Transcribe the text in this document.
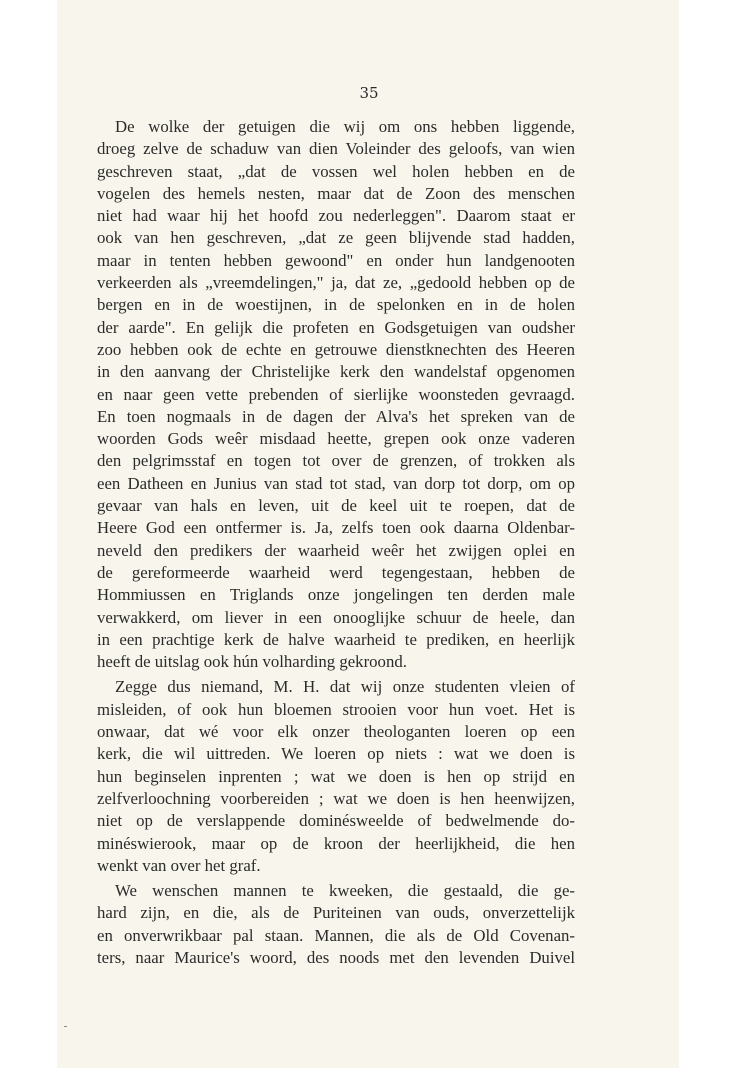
35
De wolke der getuigen die wij om ons hebben liggende,
droeg zelve de schaduw van dien Voleinder des geloofs, van wien
geschreven staat, „dat de vossen wel holen hebben en de
vogelen des hemels nesten, maar dat de Zoon des menschen
niet had waar hij het hoofd zou nederleggen". Daarom staat er
ook van hen geschreven, „dat ze geen blijvende stad hadden,
maar in tenten hebben gewoond" en onder hun landgenooten
verkeerden als „vreemdelingen," ja, dat ze, „gedoold hebben op de
bergen en in de woestijnen, in de spelonken en in de holen
der aarde". En gelijk die profeten en Godsgetuigen van oudsher
zoo hebben ook de echte en getrouwe dienstknechten des Heeren
in den aanvang der Christelijke kerk den wandelstaf opgenomen
en naar geen vette prebenden of sierlijke woonsteden gevraagd.
En toen nogmaals in de dagen der Alva's het spreken van de
woorden Gods weêr misdaad heette, grepen ook onze vaderen
den pelgrimsstaf en togen tot over de grenzen, of trokken als
een Datheen en Junius van stad tot stad, van dorp tot dorp, om op
gevaar van hals en leven, uit de keel uit te roepen, dat de
Heere God een ontfermer is. Ja, zelfs toen ook daarna Oldenbar-
neveld den predikers der waarheid weêr het zwijgen oplei en
de gereformeerde waarheid werd tegengestaan, hebben de
Hommiussen en Triglands onze jongelingen ten derden male
verwakkerd, om liever in een onooglijke schuur de heele, dan
in een prachtige kerk de halve waarheid te prediken, en heerlijk
heeft de uitslag ook hún volharding gekroond.
Zegge dus niemand, M. H. dat wij onze studenten vleien of
misleiden, of ook hun bloemen strooien voor hun voet. Het is
onwaar, dat wé voor elk onzer theologanten loeren op een
kerk, die wil uittreden. We loeren op niets : wat we doen is
hun beginselen inprenten ; wat we doen is hen op strijd en
zelfverloochning voorbereiden ; wat we doen is hen heenwijzen,
niet op de verslappende dominésweelde of bedwelmende do-
minéswierook, maar op de kroon der heerlijkheid, die hen
wenkt van over het graf.
We wenschen mannen te kweeken, die gestaald, die ge-
hard zijn, en die, als de Puriteinen van ouds, onverzettelijk
en onverwrikbaar pal staan. Mannen, die als de Old Covenan-
ters, naar Maurice's woord, des noods met den levenden Duivel
